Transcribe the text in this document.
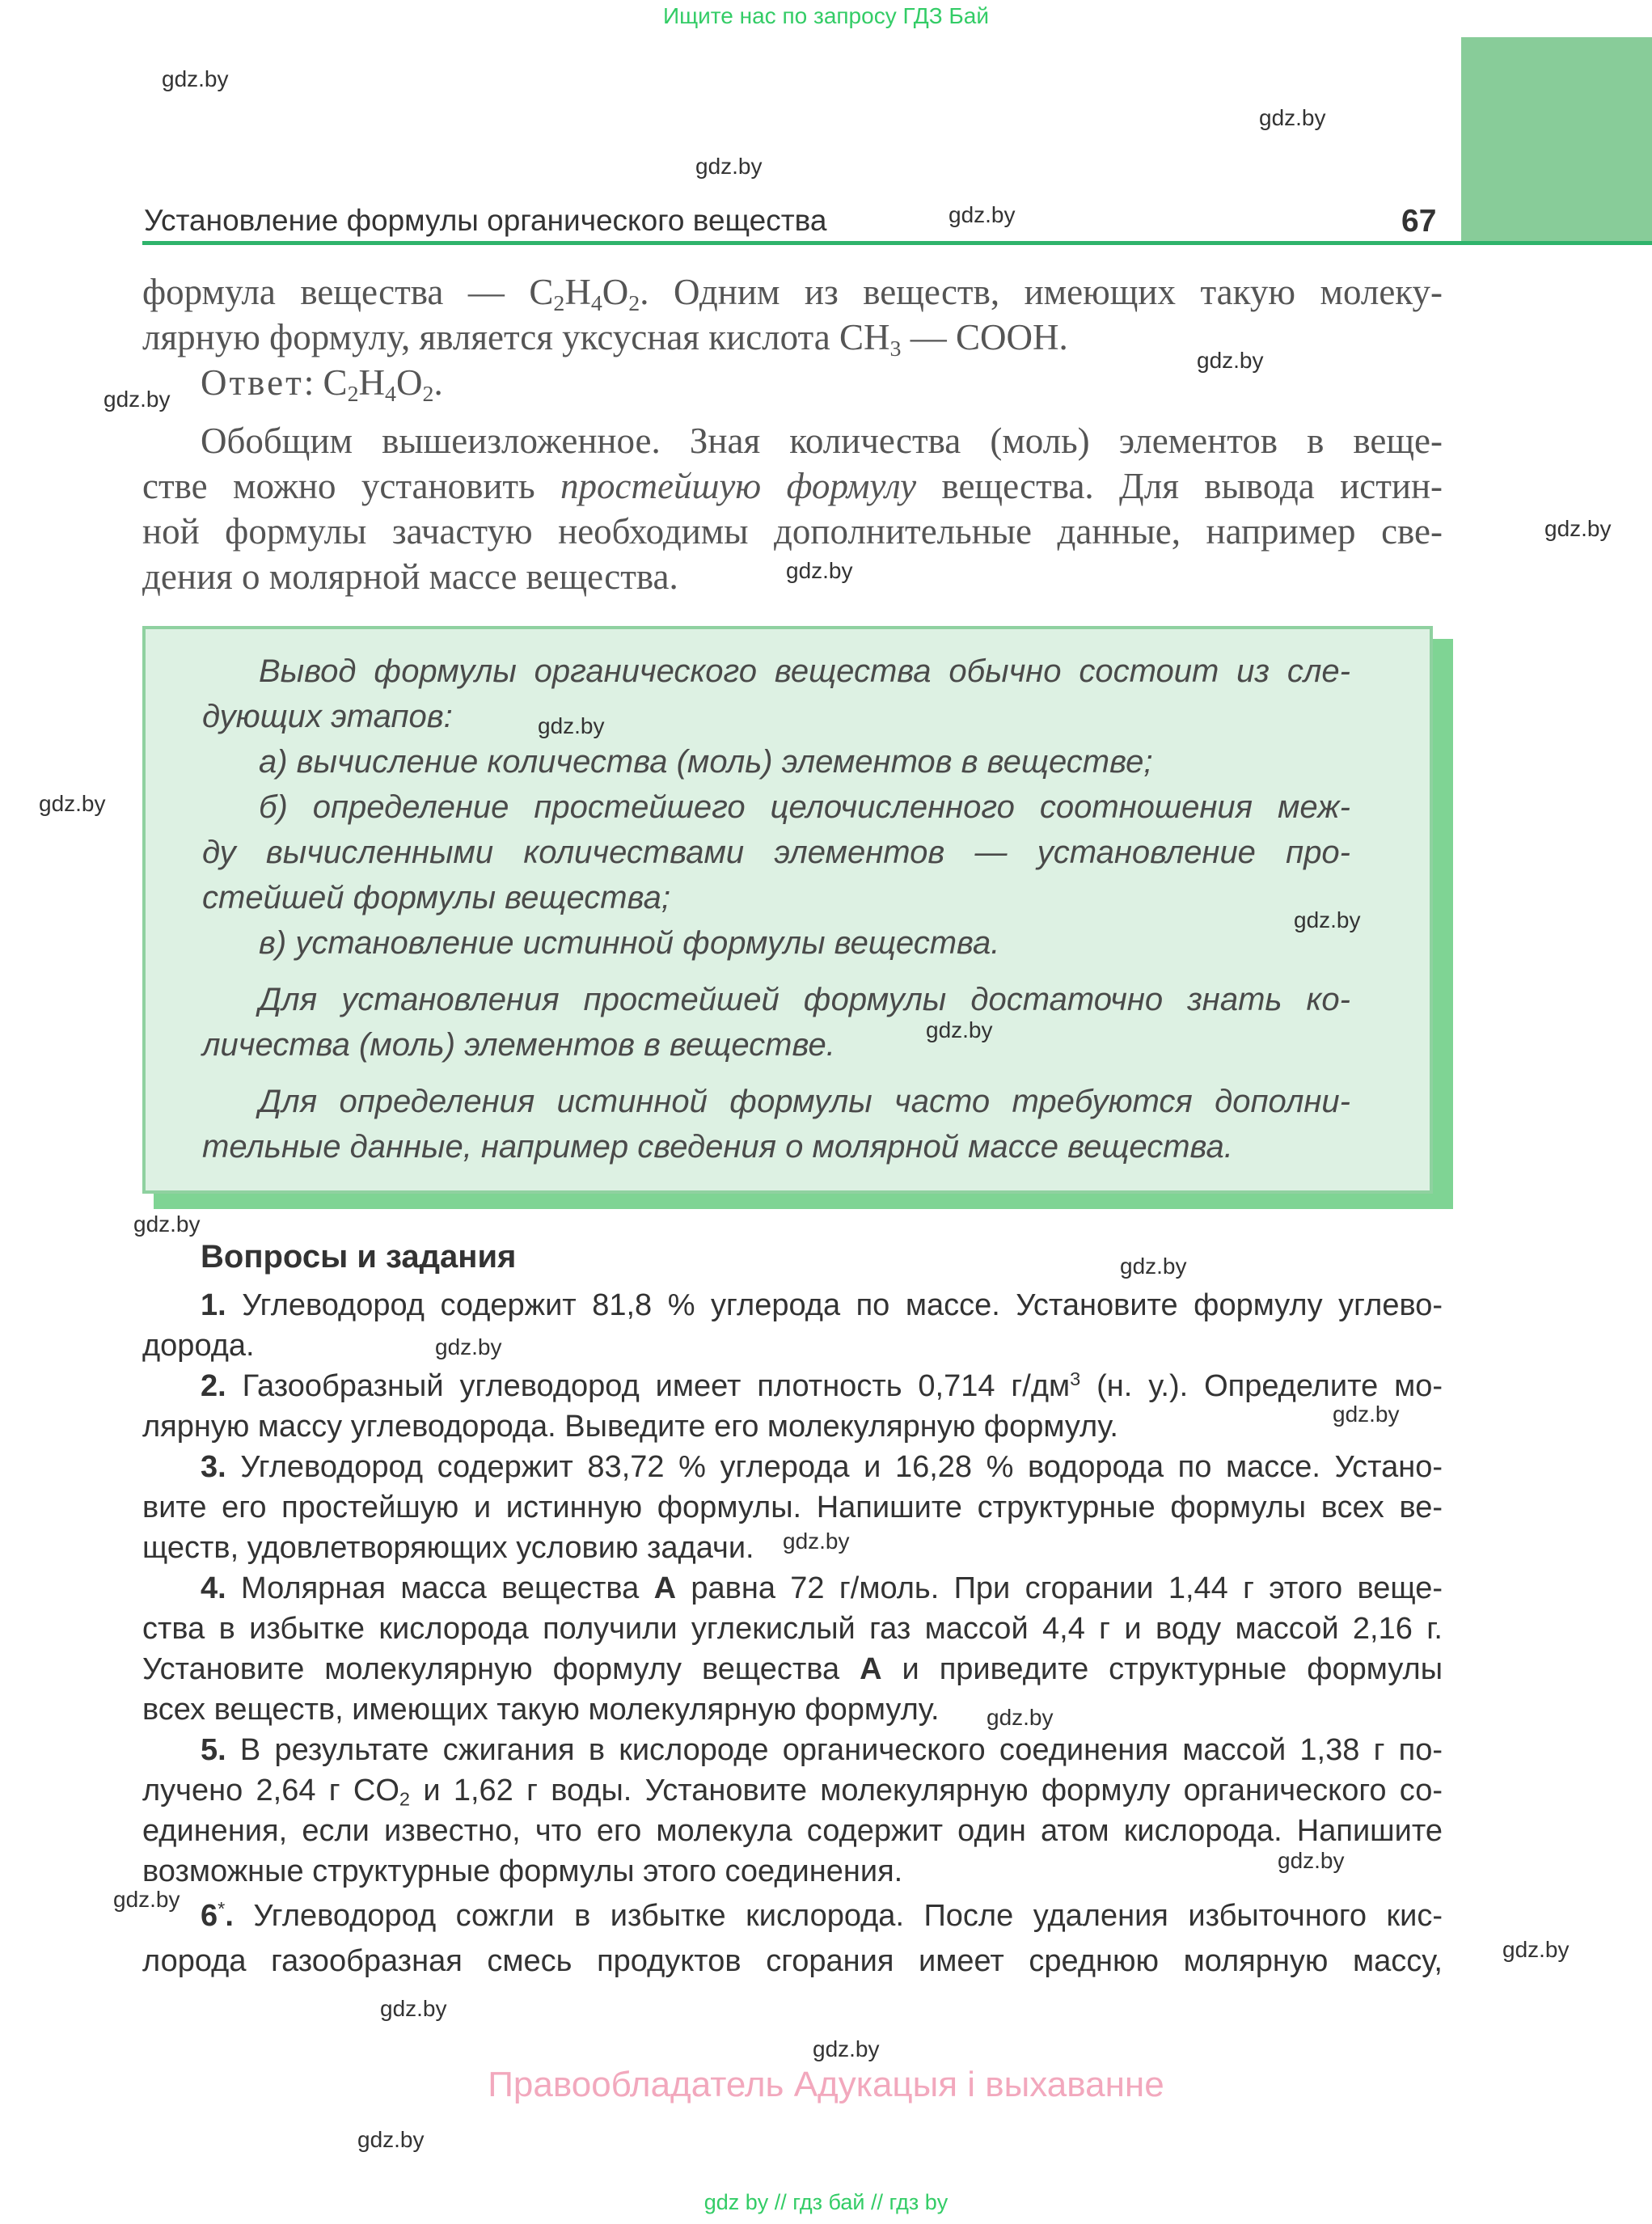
Ищите нас по запросу ГДЗ Бай
Установление формулы органического вещества	67
формула вещества — $C_2H_4O_2$. Одним из веществ, имеющих такую молеку-
лярную формулу, является уксусная кислота $CH_3$ — COOH.
Ответ: $C_2H_4O_2$.
Обобщим вышеизложенное. Зная количества (моль) элементов в веще-
стве можно установить простейшую формулу вещества. Для вывода истин-
ной формулы зачастую необходимы дополнительные данные, например све-
дения о молярной массе вещества.

Вывод формулы органического вещества обычно состоит из сле-

дующих этапов:

а) вычисление количества (моль) элементов в веществе;

б) определение простейшего целочисленного соотношения меж-

ду вычисленными количествами элементов — установление про-

стейшей формулы вещества;

в) установление истинной формулы вещества.

Для установления простейшей формулы достаточно знать ко-

личества (моль) элементов в веществе.

Для определения истинной формулы часто требуются дополни-

тельные данные, например сведения о молярной массе вещества.

Вопросы и задания
1. Углеводород содержит 81,8 % углерода по массе. Установите формулу углево-
дорода.
2. Газообразный углеводород имеет плотность 0,714 $г/дм^3$ (н. у.). Определите мо-
лярную массу углеводорода. Выведите его молекулярную формулу.
3. Углеводород содержит 83,72 % углерода и 16,28 % водорода по массе. Устано-
вите его простейшую и истинную формулы. Напишите структурные формулы всех ве-
ществ, удовлетворяющих условию задачи.
4. Молярная масса вещества А равна 72 г/моль. При сгорании 1,44 г этого веще-
ства в избытке кислорода получили углекислый газ массой 4,4 г и воду массой 2,16 г.
Установите молекулярную формулу вещества А и приведите структурные формулы
всех веществ, имеющих такую молекулярную формулу.
5. В результате сжигания в кислороде органического соединения массой 1,38 г по-
лучено 2,64 г $CO_2$ и 1,62 г воды. Установите молекулярную формулу органического со-
единения, если известно, что его молекула содержит один атом кислорода. Напишите
возможные структурные формулы этого соединения.
6*. Углеводород сожгли в избытке кислорода. После удаления избыточного кис-
лорода газообразная смесь продуктов сгорания имеет среднюю молярную массу,
gdz.by
gdz.by
gdz.by
gdz.by
gdz.by
gdz.by
gdz.by
gdz.by
gdz.by
gdz.by
gdz.by
gdz.by
gdz.by
gdz.by
gdz.by
gdz.by
gdz.by
gdz.by
gdz.by
gdz.by
gdz.by
gdz.by
gdz.by
gdz.by
Правообладатель Адукацыя і выхаванне
gdz by // гдз бай // гдз by
